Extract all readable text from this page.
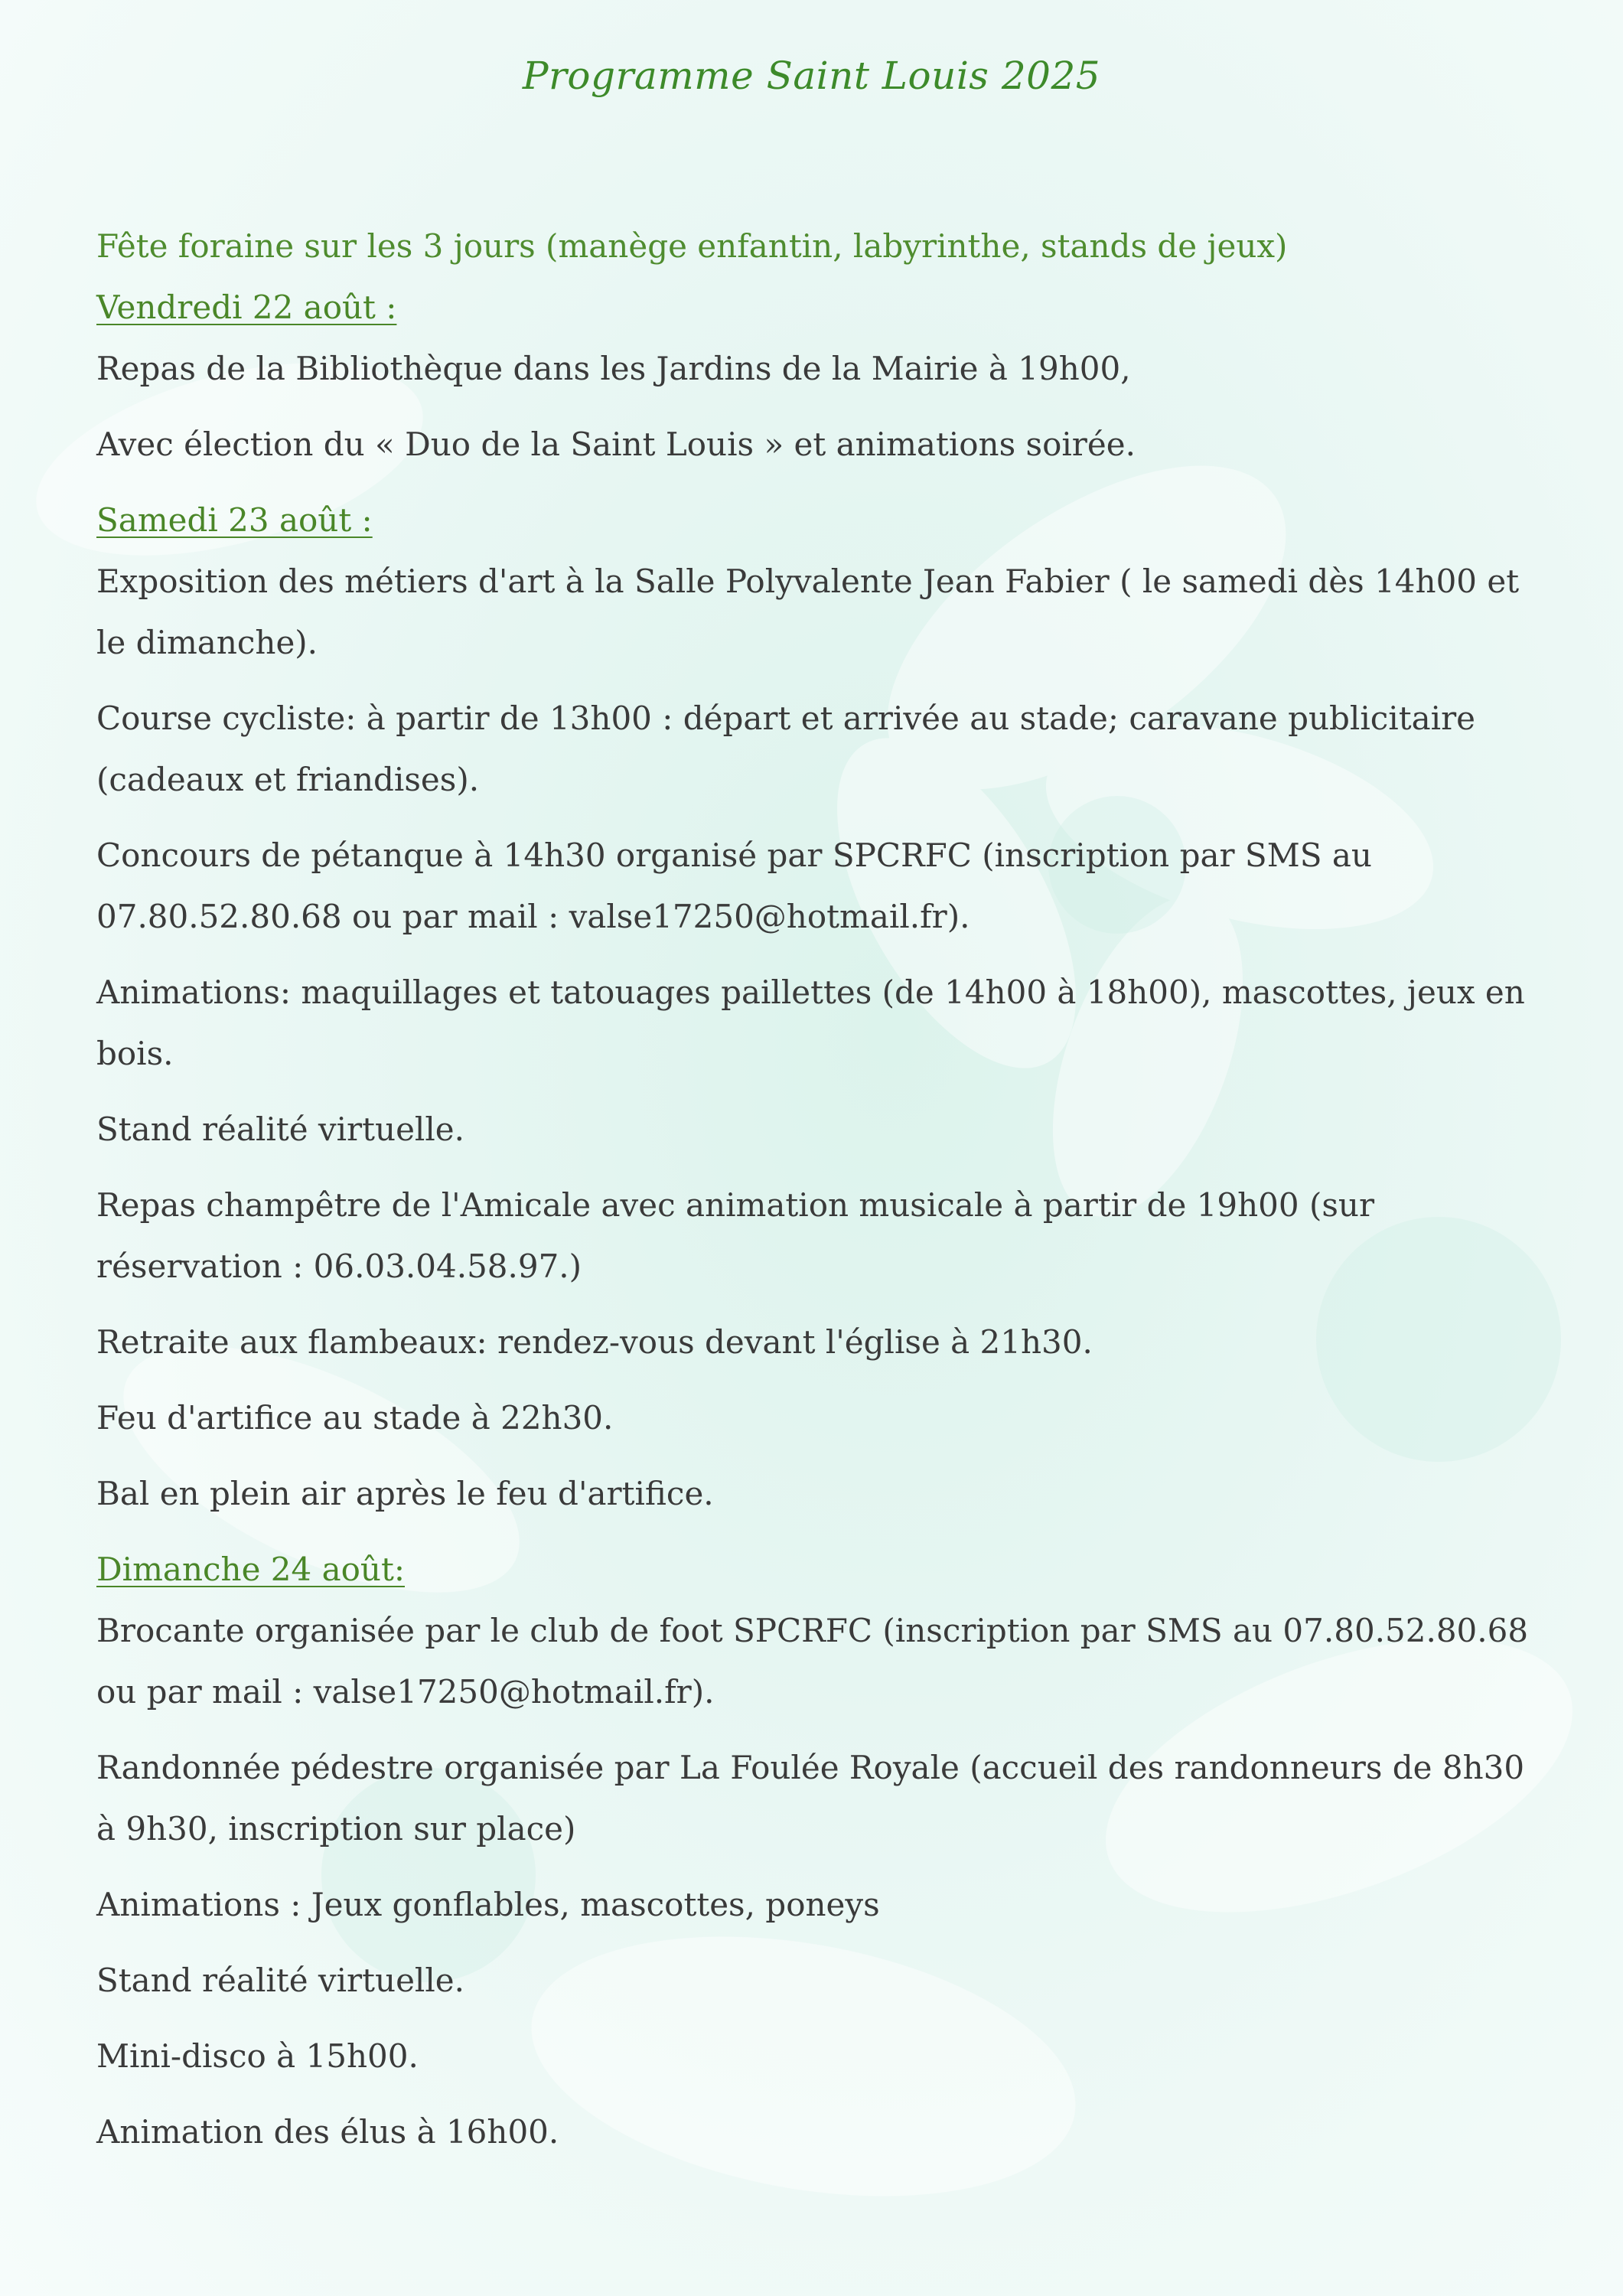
Programme Saint Louis 2025

Fête foraine sur les 3 jours (manège enfantin, labyrinthe, stands de jeux)

Vendredi 22 août :

Repas de la Bibliothèque dans les Jardins de la Mairie à 19h00,

Avec élection du « Duo de la Saint Louis » et animations soirée.

Samedi 23 août :

Exposition des métiers d'art à la Salle Polyvalente Jean Fabier ( le samedi dès 14h00 et le dimanche).

Course cycliste: à partir de 13h00 : départ et arrivée au stade; caravane publicitaire (cadeaux et friandises).

Concours de pétanque à 14h30 organisé par SPCRFC (inscription par SMS au 07.80.52.80.68 ou par mail : valse17250@hotmail.fr).

Animations: maquillages et tatouages paillettes (de 14h00 à 18h00), mascottes, jeux en bois.

Stand réalité virtuelle.

Repas champêtre de l'Amicale avec animation musicale à partir de 19h00 (sur réservation : 06.03.04.58.97.)

Retraite aux flambeaux: rendez-vous devant l'église à 21h30.

Feu d'artifice au stade à 22h30.

Bal en plein air après le feu d'artifice.

Dimanche 24 août:

Brocante organisée par le club de foot SPCRFC (inscription par SMS au 07.80.52.80.68 ou par mail : valse17250@hotmail.fr).

Randonnée pédestre organisée par La Foulée Royale (accueil des randonneurs de 8h30 à 9h30, inscription sur place)

Animations : Jeux gonflables, mascottes, poneys

Stand réalité virtuelle.

Mini-disco à 15h00.

Animation des élus à 16h00.
